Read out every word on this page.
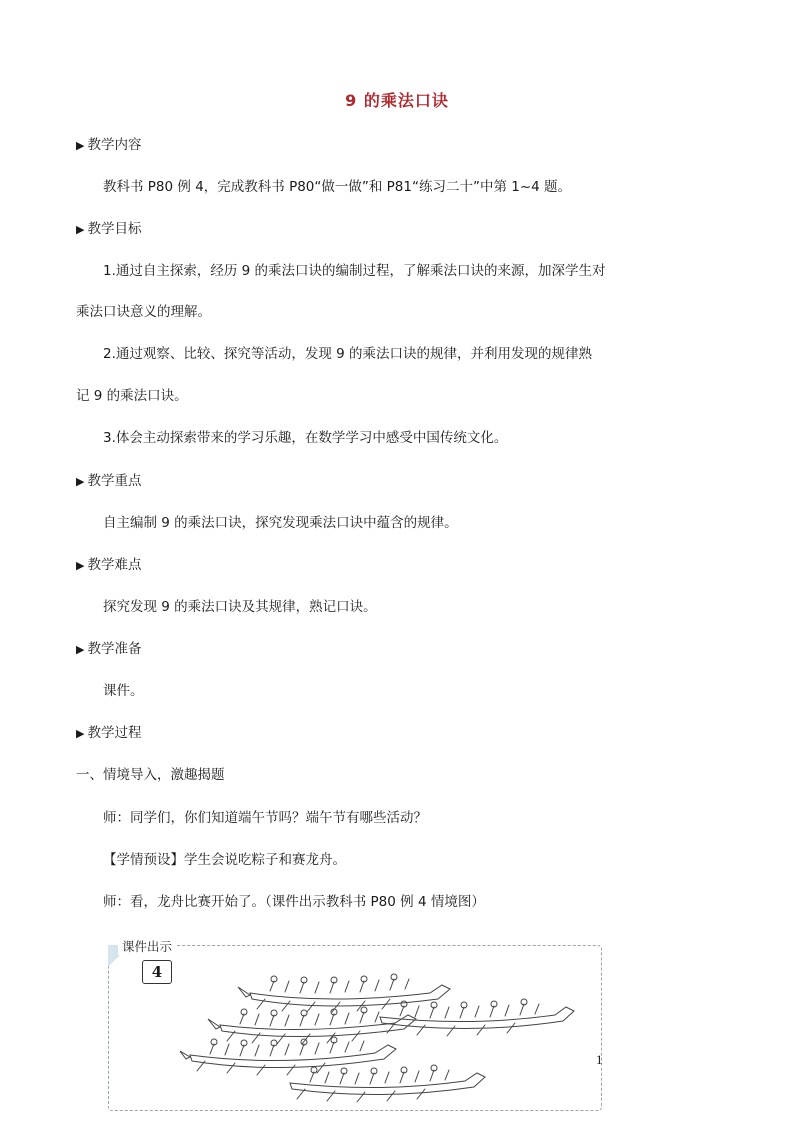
9 的乘法口诀
▶ 教学内容
教科书 P80 例 4，完成教科书 P80“做一做”和 P81“练习二十”中第 1~4 题。
▶ 教学目标
1.通过自主探索，经历 9 的乘法口诀的编制过程，了解乘法口诀的来源，加深学生对
乘法口诀意义的理解。
2.通过观察、比较、探究等活动，发现 9 的乘法口诀的规律，并利用发现的规律熟
记 9 的乘法口诀。
3.体会主动探索带来的学习乐趣，在数学学习中感受中国传统文化。
▶ 教学重点
自主编制 9 的乘法口诀，探究发现乘法口诀中蕴含的规律。
▶ 教学难点
探究发现 9 的乘法口诀及其规律，熟记口诀。
▶ 教学准备
课件。
▶ 教学过程
一、情境导入，激趣揭题
师：同学们，你们知道端午节吗？端午节有哪些活动？
【学情预设】学生会说吃粽子和赛龙舟。
师：看，龙舟比赛开始了。（课件出示教科书 P80 例 4 情境图）
课件出示
4
1
